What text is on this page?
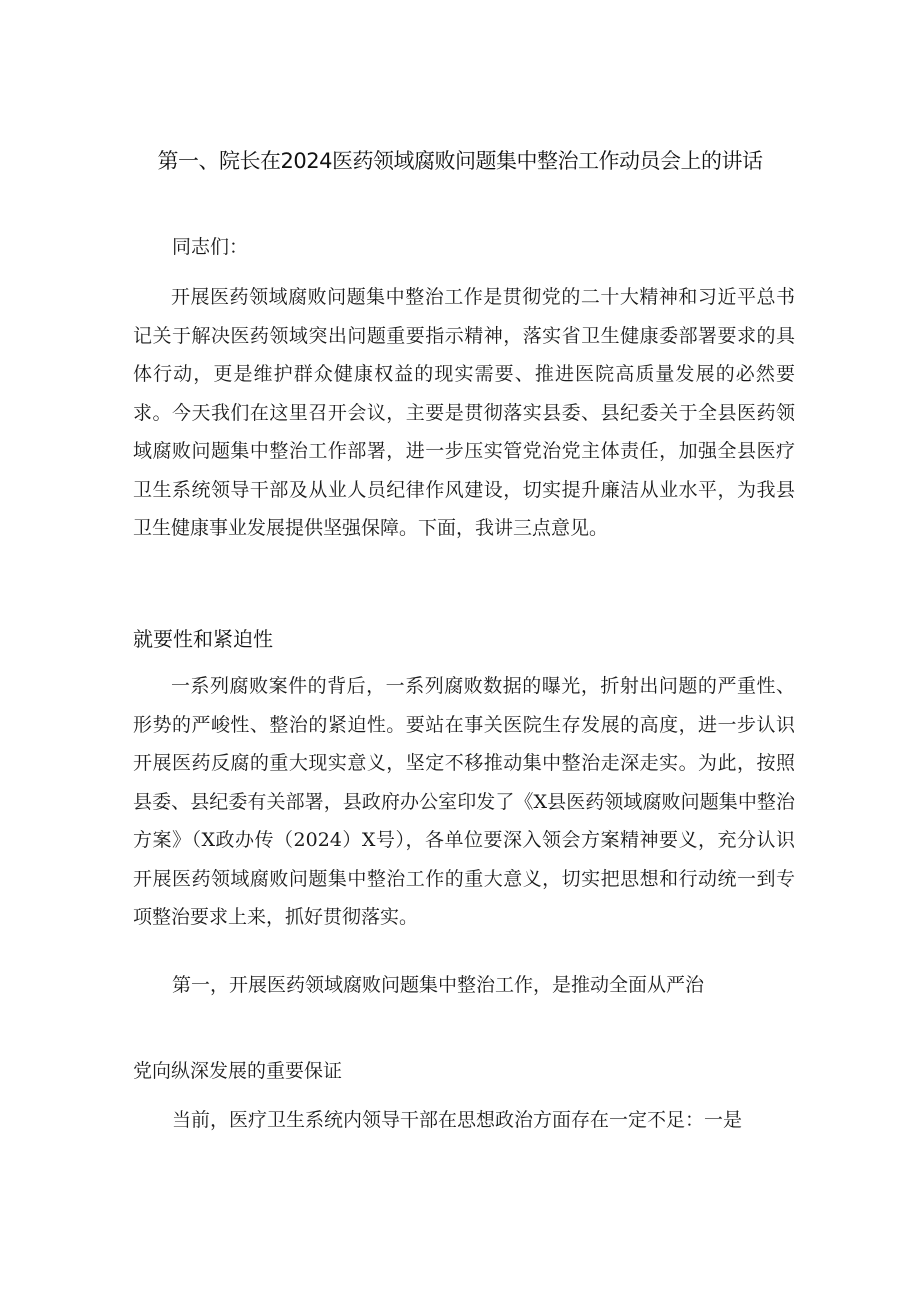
第一、院长在2024医药领域腐败问题集中整治工作动员会上的讲话
同志们：

开展医药领域腐败问题集中整治工作是贯彻党的二十大精神和习近平总书记关于解决医药领域突出问题重要指示精神，落实省卫生健康委部署要求的具体行动，更是维护群众健康权益的现实需要、推进医院高质量发展的必然要求。今天我们在这里召开会议，主要是贯彻落实县委、县纪委关于全县医药领域腐败问题集中整治工作部署，进一步压实管党治党主体责任，加强全县医疗卫生系统领导干部及从业人员纪律作风建设，切实提升廉洁从业水平，为我县卫生健康事业发展提供坚强保障。下面，我讲三点意见。

就要性和紧迫性

一系列腐败案件的背后，一系列腐败数据的曝光，折射出问题的严重性、形势的严峻性、整治的紧迫性。要站在事关医院生存发展的高度，进一步认识开展医药反腐的重大现实意义，坚定不移推动集中整治走深走实。为此，按照县委、县纪委有关部署，县政府办公室印发了《X县医药领域腐败问题集中整治方案》（X政办传（2024）X号），各单位要深入领会方案精神要义，充分认识开展医药领域腐败问题集中整治工作的重大意义，切实把思想和行动统一到专项整治要求上来，抓好贯彻落实。

第一，开展医药领域腐败问题集中整治工作，是推动全面从严治
党向纵深发展的重要保证
当前，医疗卫生系统内领导干部在思想政治方面存在一定不足：一是
